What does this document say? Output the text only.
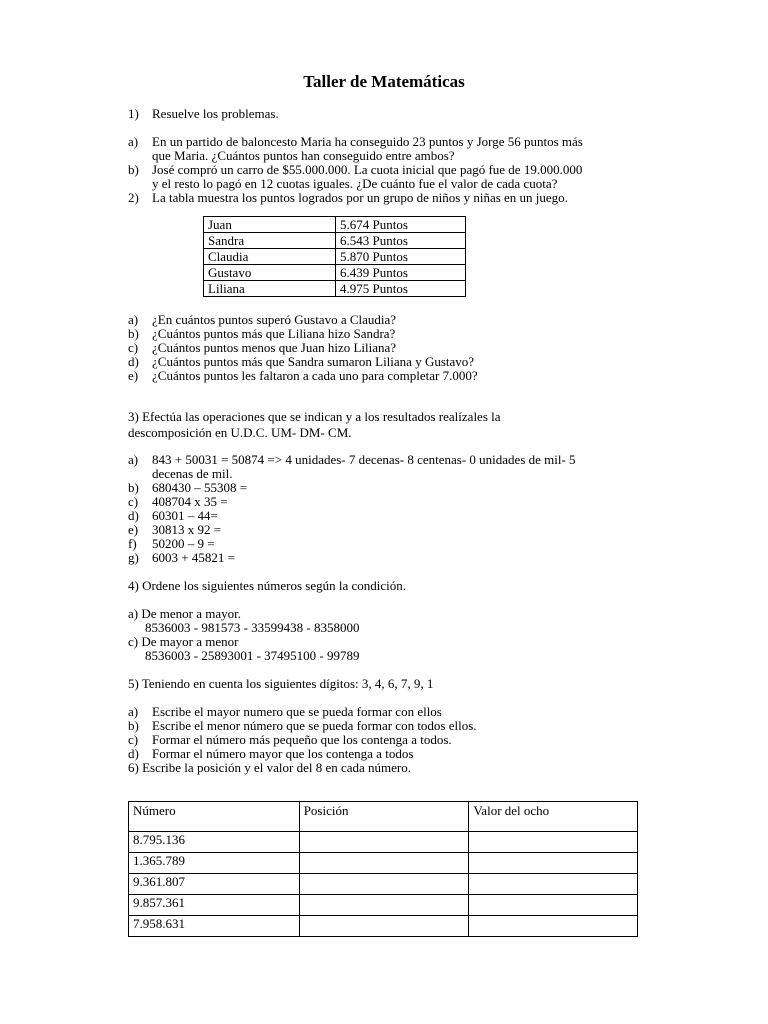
Taller de Matemáticas
1) Resuelve los problemas.
a) En un partido de baloncesto Maria ha conseguido 23 puntos y Jorge 56 puntos más
que Maria. ¿Cuántos puntos han conseguido entre ambos?
b) José compró un carro de $55.000.000. La cuota inicial que pagó fue de 19.000.000
y el resto lo pagó en 12 cuotas iguales. ¿De cuánto fue el valor de cada cuota?
2) La tabla muestra los puntos logrados por un grupo de niños y niñas en un juego.
Juan	5.674 Puntos
Sandra	6.543 Puntos
Claudia	5.870 Puntos
Gustavo	6.439 Puntos
Liliana	4.975 Puntos
a) ¿En cuántos puntos superó Gustavo a Claudia?
b) ¿Cuántos puntos más que Liliana hizo Sandra?
c) ¿Cuántos puntos menos que Juan hizo Liliana?
d) ¿Cuántos puntos más que Sandra sumaron Liliana y Gustavo?
e) ¿Cuántos puntos les faltaron a cada uno para completar 7.000?
3) Efectúa las operaciones que se indican y a los resultados realízales la
descomposición en U.D.C. UM- DM- CM.
a) 843 + 50031 = 50874 => 4 unidades- 7 decenas- 8 centenas- 0 unidades de mil- 5
decenas de mil.
b) 680430 – 55308 =
c) 408704 x 35 =
d) 60301 – 44=
e) 30813 x 92 =
f) 50200 – 9 =
g) 6003 + 45821 =
4) Ordene los siguientes números según la condición.
a) De menor a mayor.
8536003 - 981573 - 33599438 - 8358000
c) De mayor a menor
8536003 - 25893001 - 37495100 - 99789
5) Teniendo en cuenta los siguientes dígitos: 3, 4, 6, 7, 9, 1
a) Escribe el mayor numero que se pueda formar con ellos
b) Escribe el menor número que se pueda formar con todos ellos.
c) Formar el número más pequeño que los contenga a todos.
d) Formar el número mayor que los contenga a todos
6) Escribe la posición y el valor del 8 en cada número.
Número	Posición	Valor del ocho
8.795.136		
1.365.789		
9.361.807		
9.857.361		
7.958.631		
